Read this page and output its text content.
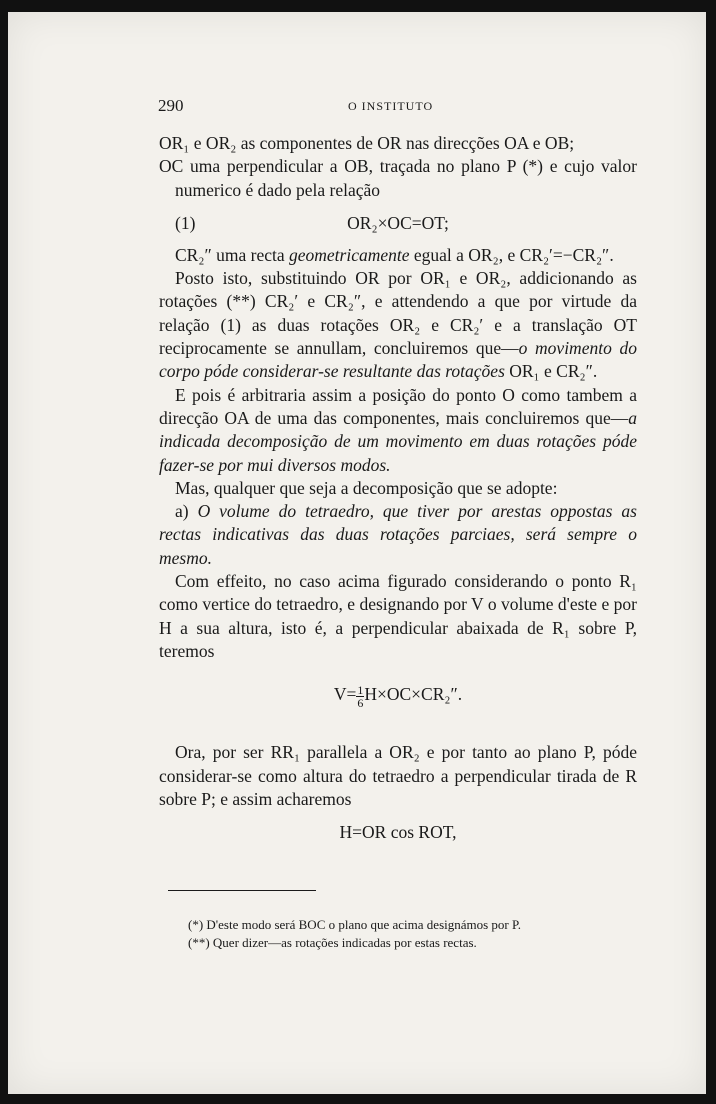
290	O INSTITUTO

OR₁ e OR₂ as componentes de OR nas direcções OA e OB;

OC uma perpendicular a OB, traçada no plano P (*) e cujo valor numerico é dado pela relação

(1)	OR₂×OC=OT;

CR₂″ uma recta geometricamente egual a OR₂, e CR₂′=−CR₂″.

Posto isto, substituindo OR por OR₁ e OR₂, addicionando as rotações (**) CR₂′ e CR₂″, e attendendo a que por virtude da relação (1) as duas rotações OR₂ e CR₂′ e a translação OT reciprocamente se annullam, concluiremos que—o movimento do corpo póde considerar-se resultante das rotações OR₁ e CR₂″.

E pois é arbitraria assim a posição do ponto O como tambem a direcção OA de uma das componentes, mais concluiremos que—a indicada decomposição de um movimento em duas rotações póde fazer-se por mui diversos modos.

Mas, qualquer que seja a decomposição que se adopte:

a) O volume do tetraedro, que tiver por arestas oppostas as rectas indicativas das duas rotações parciaes, será sempre o mesmo.

Com effeito, no caso acima figurado considerando o ponto R₁ como vertice do tetraedro, e designando por V o volume d'este e por H a sua altura, isto é, a perpendicular abaixada de R₁ sobre P, teremos

$V= \frac{1}{6} H\times OC\times CR_2''$.

Ora, por ser RR₁ parallela a OR₂ e por tanto ao plano P, póde considerar-se como altura do tetraedro a perpendicular tirada de R sobre P; e assim acharemos

H=OR cos ROT,

(*) D'este modo será BOC o plano que acima designámos por P.

(**) Quer dizer—as rotações indicadas por estas rectas.
